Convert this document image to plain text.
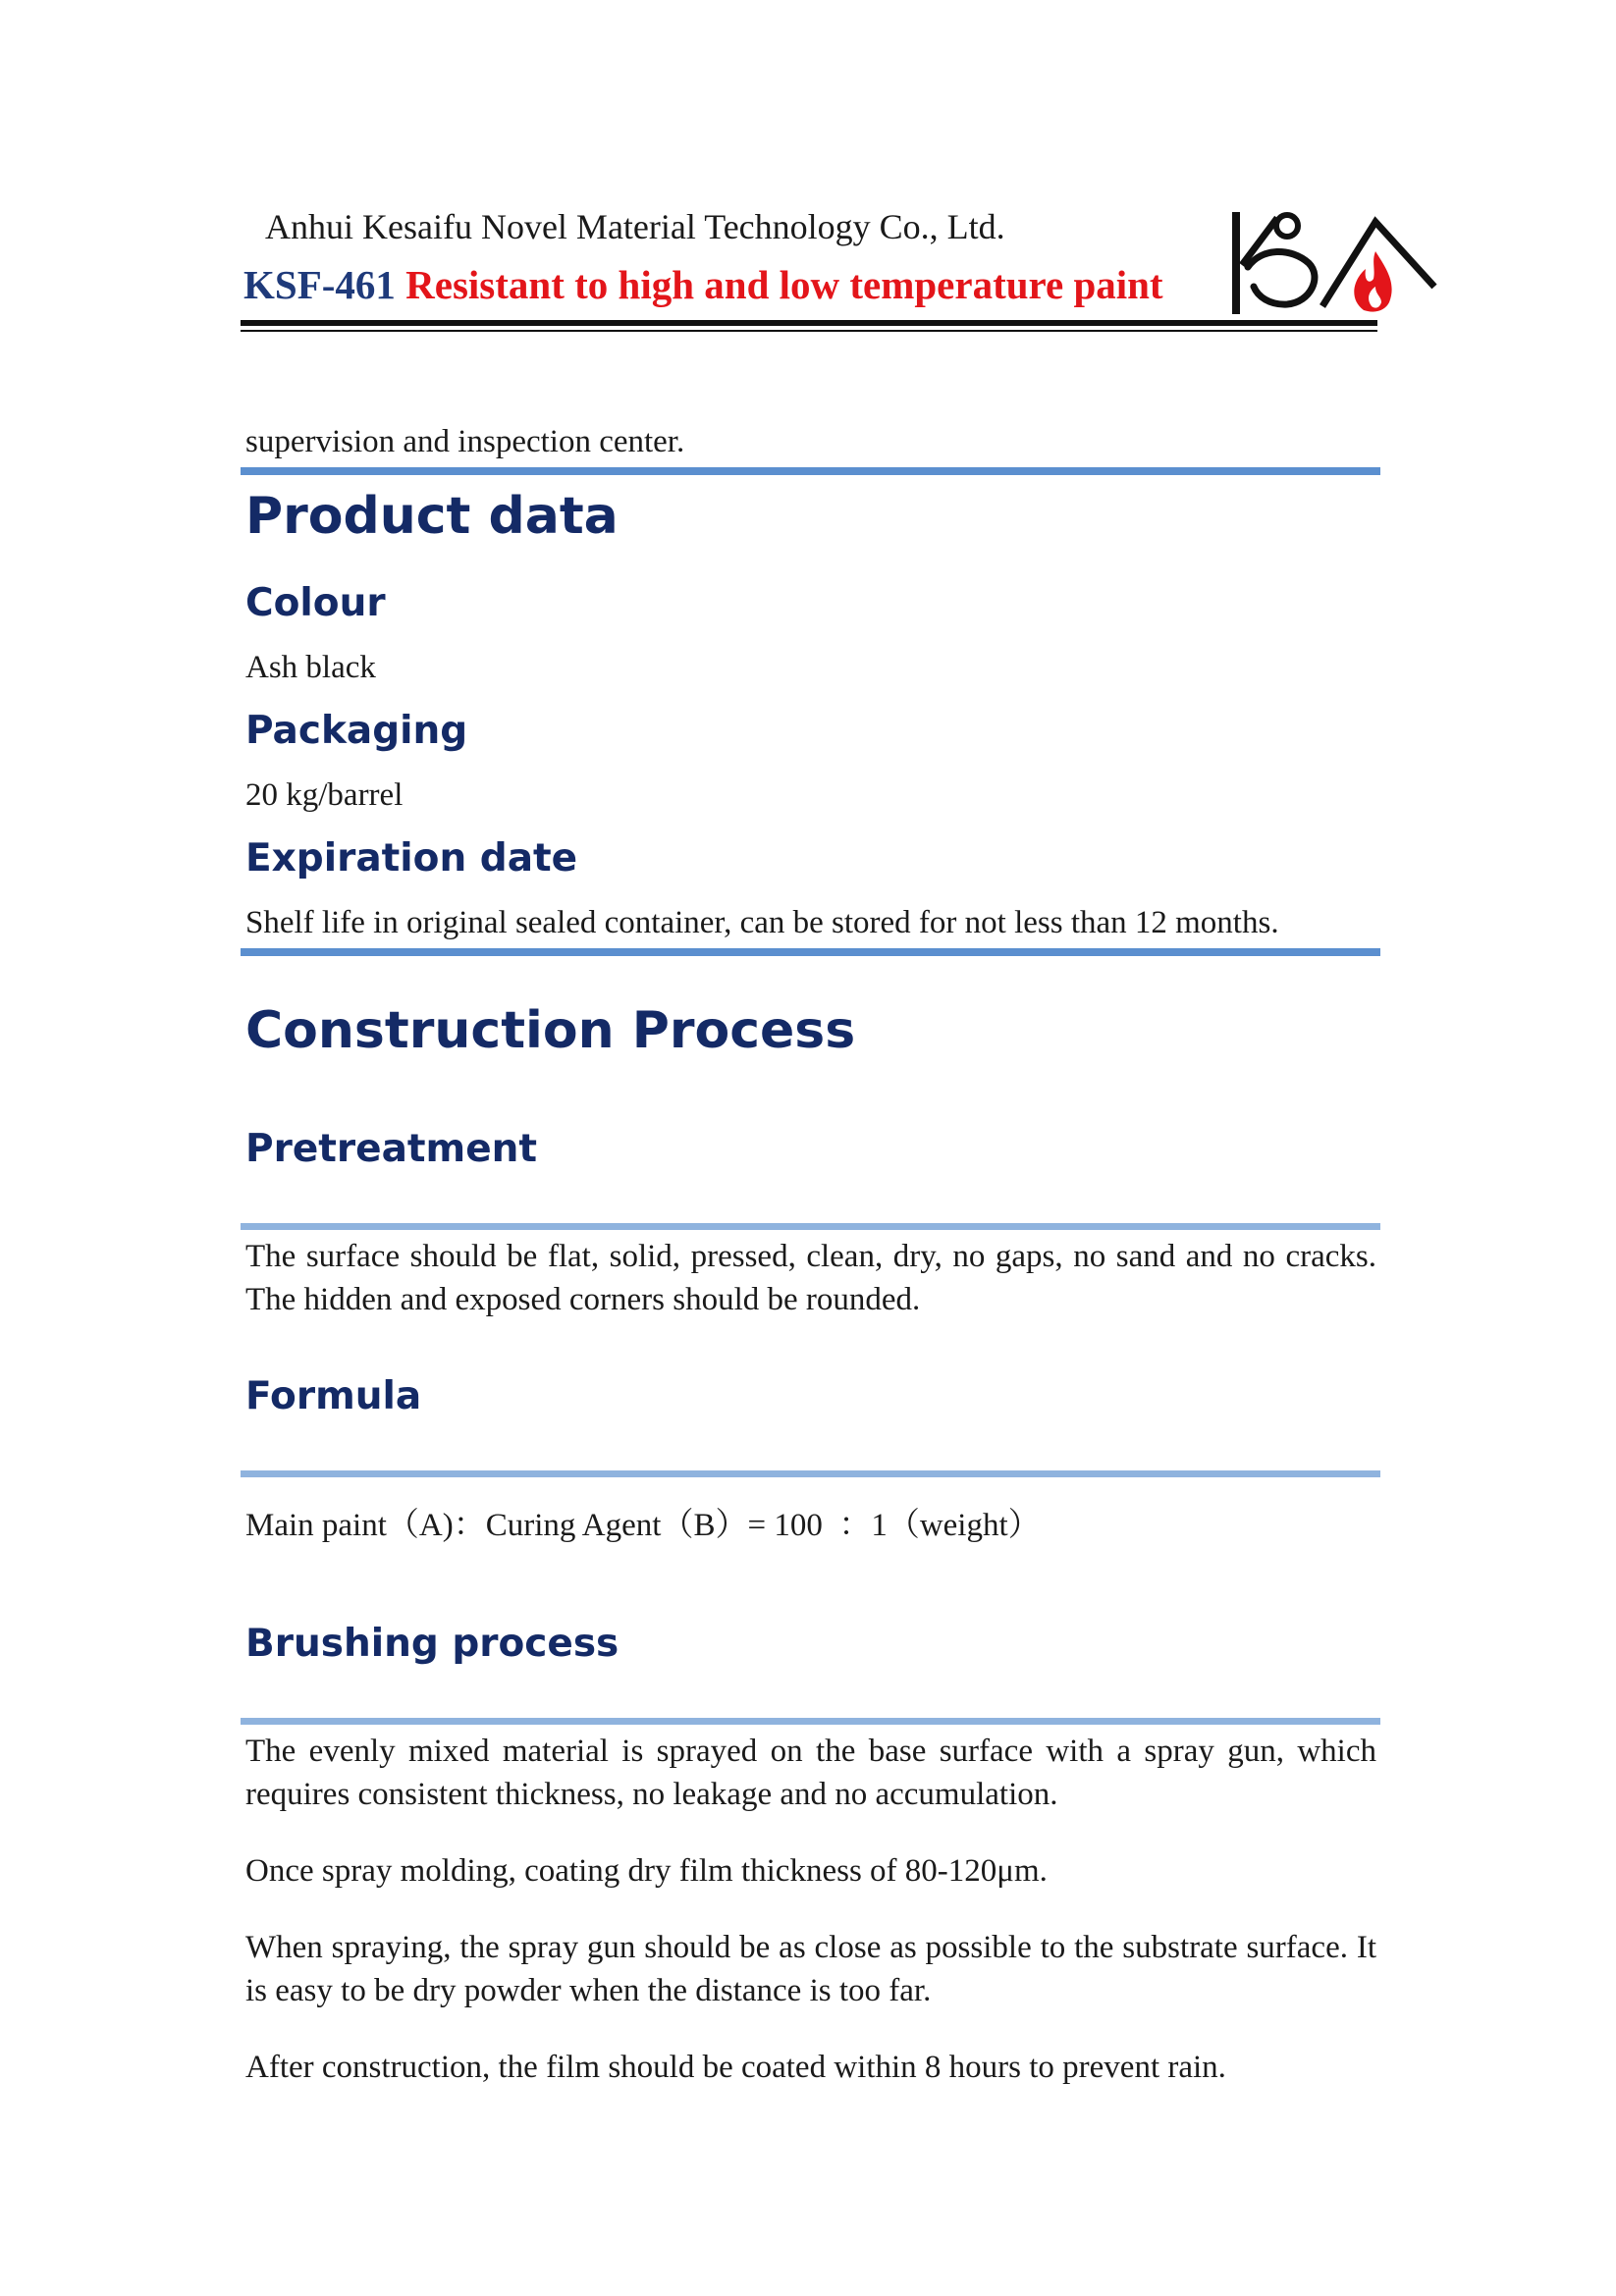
Anhui Kesaifu Novel Material Technology Co., Ltd.
KSF-461 Resistant to high and low temperature paint
supervision and inspection center.
Product data
Colour
Ash black
Packaging
20 kg/barrel
Expiration date
Shelf life in original sealed container, can be stored for not less than 12 months.
Construction Process
Pretreatment
The surface should be flat, solid, pressed, clean, dry, no gaps, no sand and no cracks. The hidden and exposed corners should be rounded.
Formula
Main paint（A)：Curing Agent（B）= 100  ：1（weight）
Brushing process
The evenly mixed material is sprayed on the base surface with a spray gun, which requires consistent thickness, no leakage and no accumulation.
Once spray molding, coating dry film thickness of 80-120μm.
When spraying, the spray gun should be as close as possible to the substrate surface. It is easy to be dry powder when the distance is too far.
After construction, the film should be coated within 8 hours to prevent rain.
